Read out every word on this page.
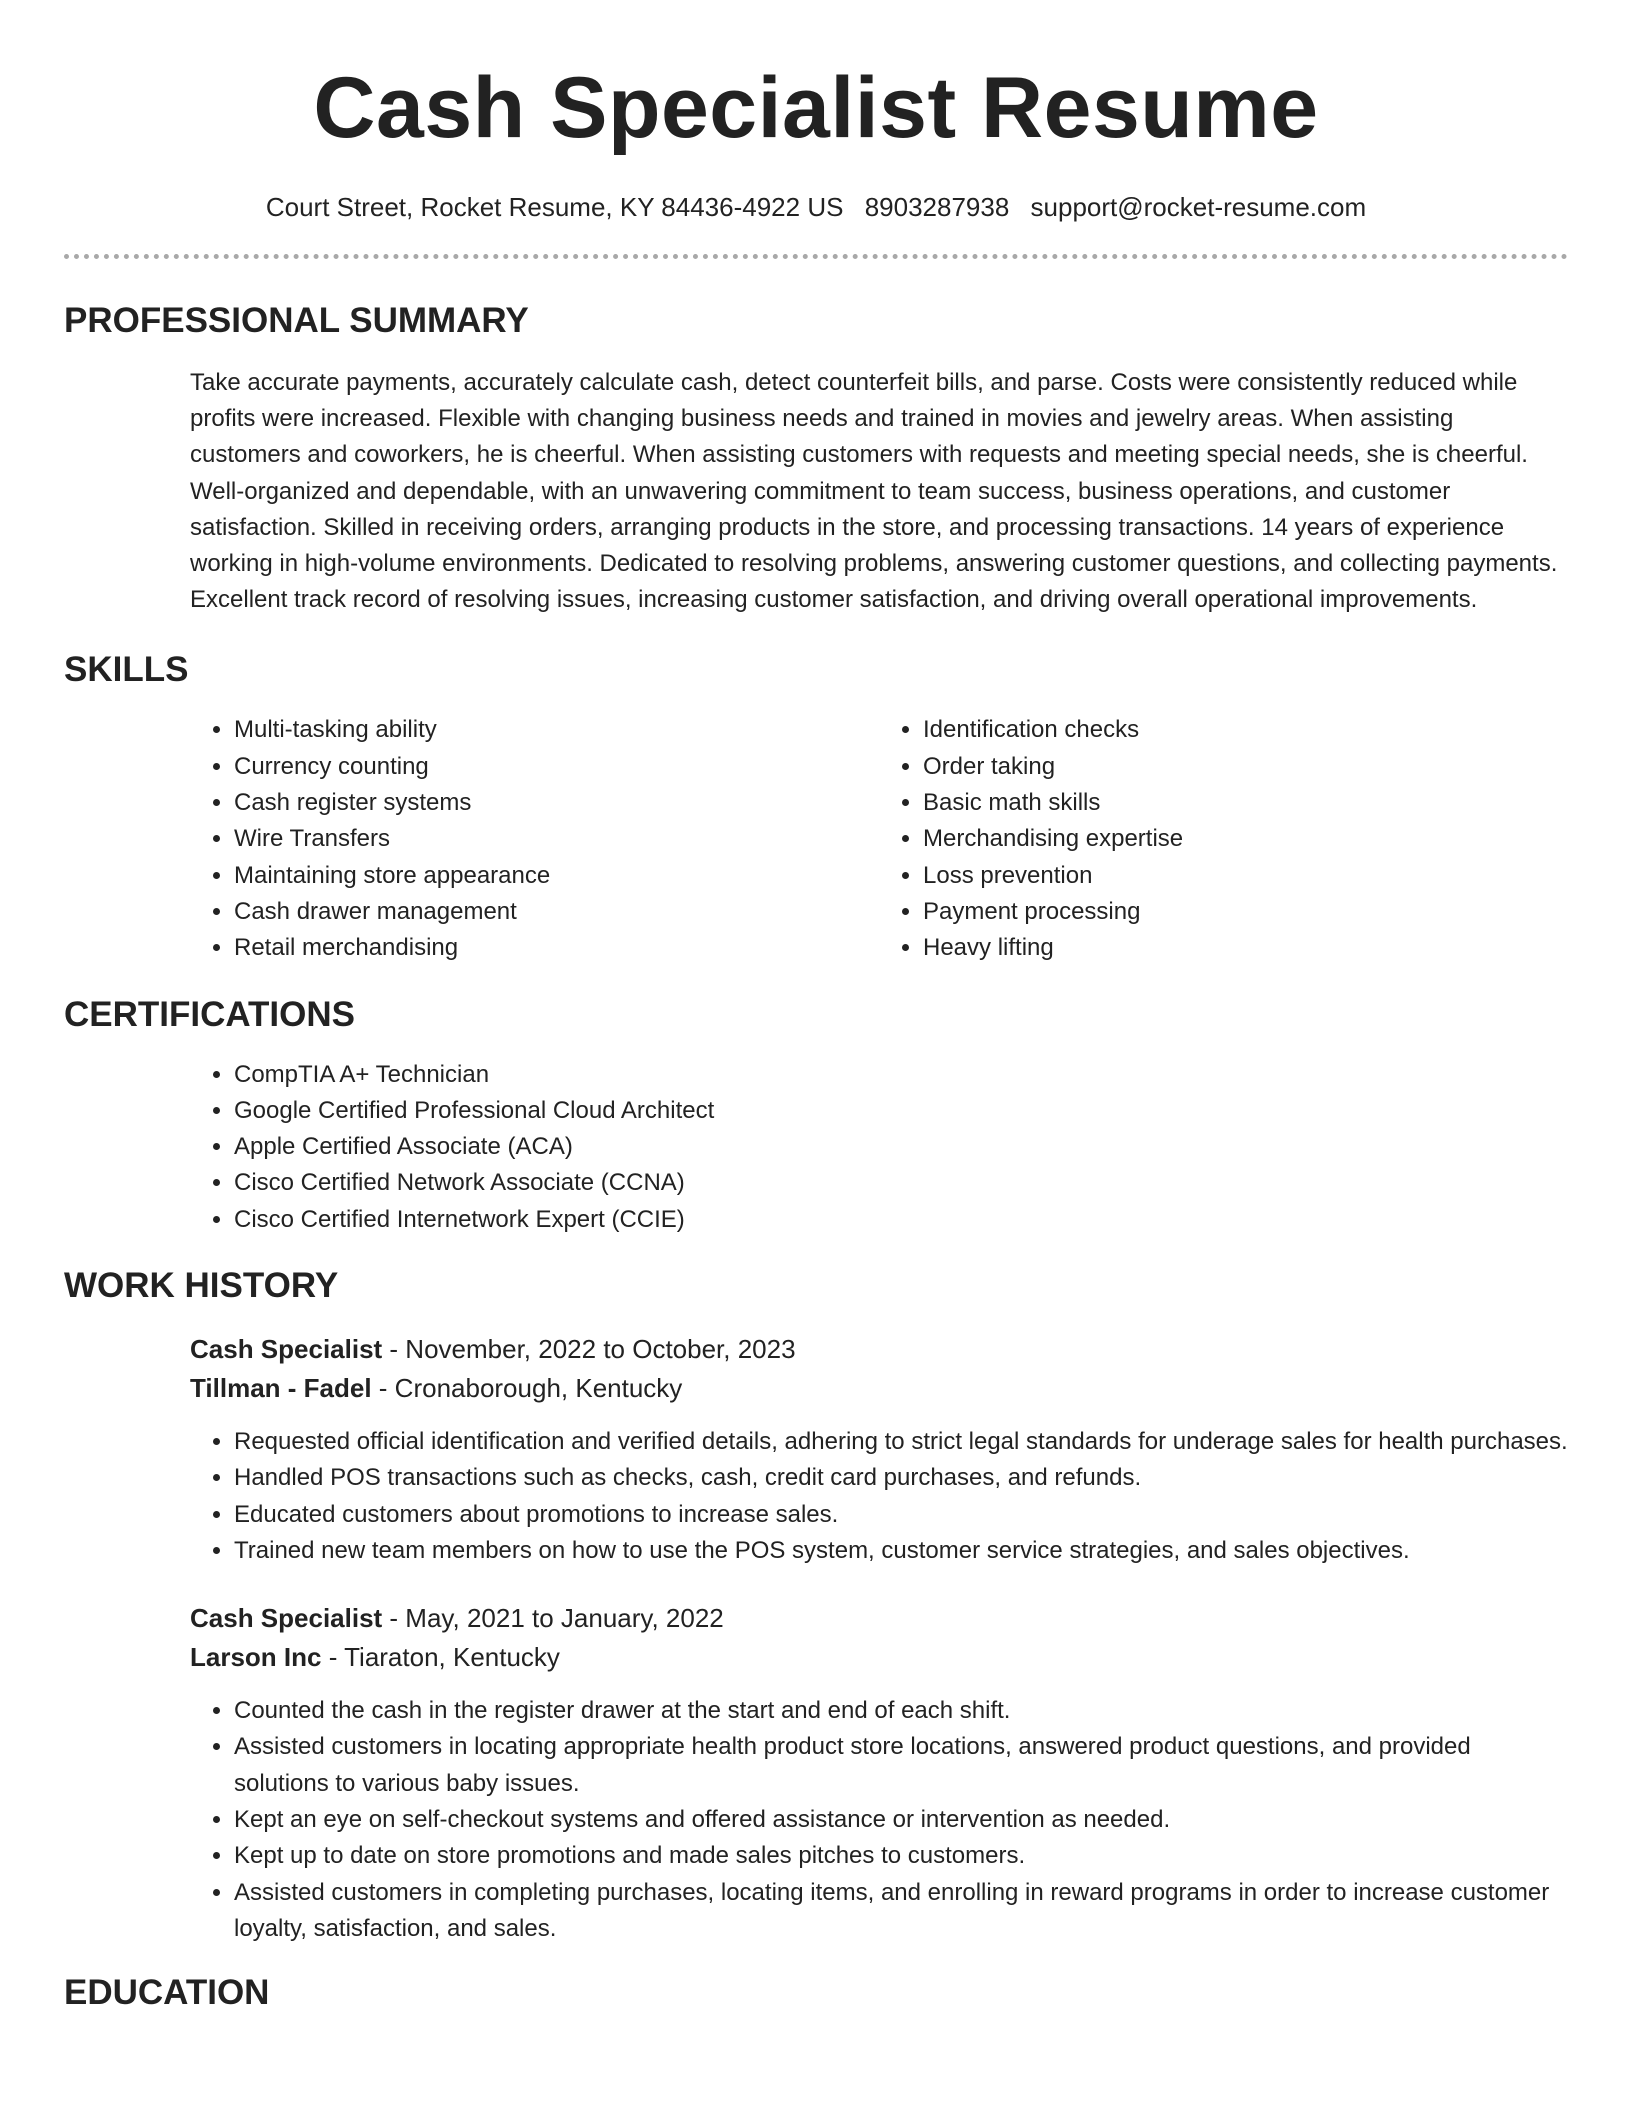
Cash Specialist Resume
Court Street, Rocket Resume, KY 84436-4922 US 8903287938 support@rocket-resume.com
PROFESSIONAL SUMMARY

Take accurate payments, accurately calculate cash, detect counterfeit bills, and parse. Costs were consistently reduced while profits were increased. Flexible with changing business needs and trained in movies and jewelry areas. When assisting customers and coworkers, he is cheerful. When assisting customers with requests and meeting special needs, she is cheerful. Well-organized and dependable, with an unwavering commitment to team success, business operations, and customer satisfaction. Skilled in receiving orders, arranging products in the store, and processing transactions. 14 years of experience working in high-volume environments. Dedicated to resolving problems, answering customer questions, and collecting payments. Excellent track record of resolving issues, increasing customer satisfaction, and driving overall operational improvements.

SKILLS
• Multi-tasking ability
• Currency counting
• Cash register systems
• Wire Transfers
• Maintaining store appearance
• Cash drawer management
• Retail merchandising
• Identification checks
• Order taking
• Basic math skills
• Merchandising expertise
• Loss prevention
• Payment processing
• Heavy lifting
CERTIFICATIONS
• CompTIA A+ Technician
• Google Certified Professional Cloud Architect
• Apple Certified Associate (ACA)
• Cisco Certified Network Associate (CCNA)
• Cisco Certified Internetwork Expert (CCIE)
WORK HISTORY
Cash Specialist - November, 2022 to October, 2023
Tillman - Fadel - Cronaborough, Kentucky
• Requested official identification and verified details, adhering to strict legal standards for underage sales for health purchases.
• Handled POS transactions such as checks, cash, credit card purchases, and refunds.
• Educated customers about promotions to increase sales.
• Trained new team members on how to use the POS system, customer service strategies, and sales objectives.
Cash Specialist - May, 2021 to January, 2022
Larson Inc - Tiaraton, Kentucky
• Counted the cash in the register drawer at the start and end of each shift.
• Assisted customers in locating appropriate health product store locations, answered product questions, and provided solutions to various baby issues.
• Kept an eye on self-checkout systems and offered assistance or intervention as needed.
• Kept up to date on store promotions and made sales pitches to customers.
• Assisted customers in completing purchases, locating items, and enrolling in reward programs in order to increase customer loyalty, satisfaction, and sales.
EDUCATION
